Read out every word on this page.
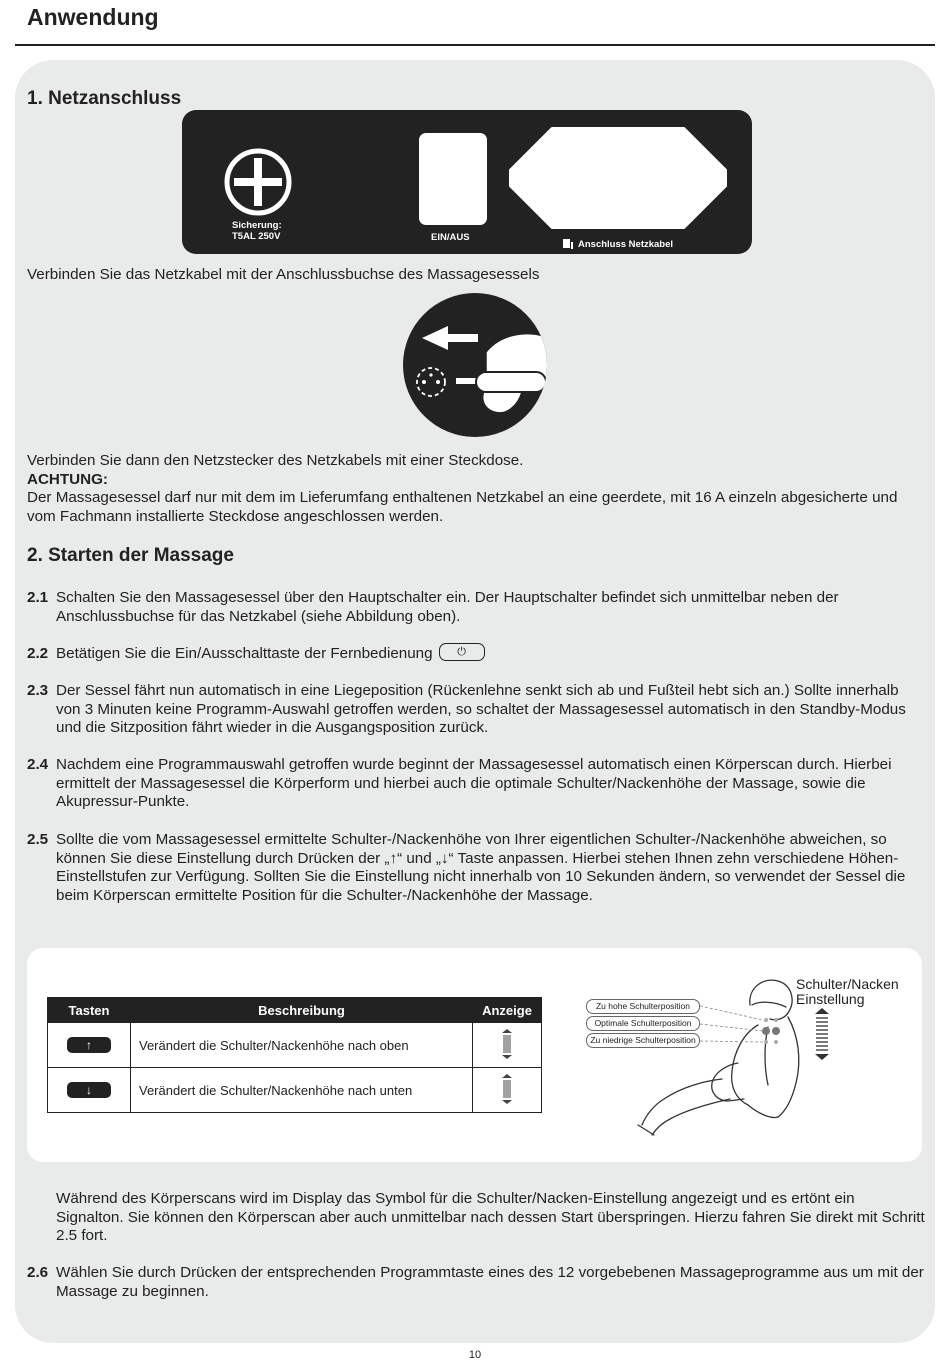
Anwendung
1. Netzanschluss
Sicherung:
T5AL 250V	EIN/AUS
Anschluss Netzkabel
Verbinden Sie das Netzkabel mit der Anschlussbuchse des Massagesessels
Verbinden Sie dann den Netzstecker des Netzkabels mit einer Steckdose.
ACHTUNG:
Der Massagesessel darf nur mit dem im Lieferumfang enthaltenen Netzkabel an eine geerdete, mit 16 A einzeln abgesicherte und vom Fachmann installierte Steckdose angeschlossen werden.
2. Starten der Massage
2.1 Schalten Sie den Massagesessel über den Hauptschalter ein. Der Hauptschalter befindet sich unmittelbar neben der Anschlussbuchse für das Netzkabel (siehe Abbildung oben).
2.2 Betätigen Sie die Ein/Ausschalttaste der Fernbedienung ⏻
2.3 Der Sessel fährt nun automatisch in eine Liegeposition (Rückenlehne senkt sich ab und Fußteil hebt sich an.) Sollte innerhalb von 3 Minuten keine Programm-Auswahl getroffen werden, so schaltet der Massagesessel automatisch in den Standby-Modus und die Sitzposition fährt wieder in die Ausgangsposition zurück.
2.4 Nachdem eine Programmauswahl getroffen wurde beginnt der Massagesessel automatisch einen Körperscan durch. Hierbei ermittelt der Massagesessel die Körperform und hierbei auch die optimale Schulter/Nackenhöhe der Massage, sowie die Akupressur-Punkte.
2.5 Sollte die vom Massagesessel ermittelte Schulter-/Nackenhöhe von Ihrer eigentlichen Schulter-/Nackenhöhe abweichen, so können Sie diese Einstellung durch Drücken der „↑“ und „↓“ Taste anpassen. Hierbei stehen Ihnen zehn verschiedene Höhen-Einstellstufen zur Verfügung. Sollten Sie die Einstellung nicht innerhalb von 10 Sekunden ändern, so verwendet der Sessel die beim Körperscan ermittelte Position für die Schulter-/Nackenhöhe der Massage.
Tasten	Beschreibung	Anzeige
↑	Verändert die Schulter/Nackenhöhe nach oben	
↓	Verändert die Schulter/Nackenhöhe nach unten	
Schulter/Nacken
Einstellung
Zu hohe Schulterposition
Optimale Schulterposition
Zu niedrige Schulterposition
Während des Körperscans wird im Display das Symbol für die Schulter/Nacken-Einstellung angezeigt und es ertönt ein Signalton. Sie können den Körperscan aber auch unmittelbar nach dessen Start überspringen. Hierzu fahren Sie direkt mit Schritt 2.5 fort.
2.6 Wählen Sie durch Drücken der entsprechenden Programmtaste eines des 12 vorgebebenen Massageprogramme aus um mit der Massage zu beginnen.
10
